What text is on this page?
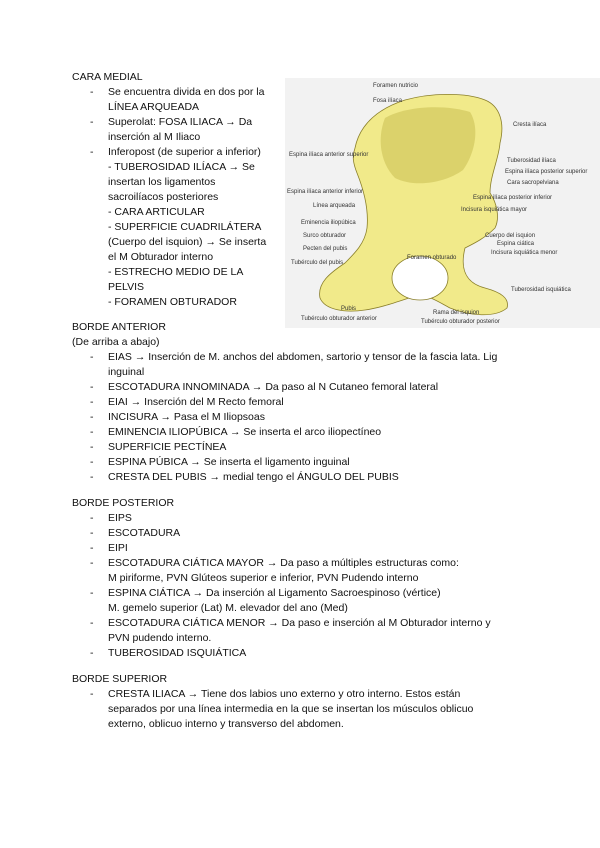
CARA MEDIAL
- Se encuentra divida en dos por la
LÍNEA ARQUEADA
- Superolat: FOSA ILIACA → Da
inserción al M Iliaco
- Inferopost (de superior a inferior)
- TUBEROSIDAD ILÍACA → Se
insertan los ligamentos
sacroilíacos posteriores
- CARA ARTICULAR
- SUPERFICIE CUADRILÁTERA
(Cuerpo del isquion) → Se inserta
el M Obturador interno
- ESTRECHO MEDIO DE LA
PELVIS
- FORAMEN OBTURADOR
Foramen nutricio
Fosa ilíaca
Cresta ilíaca
Espina ilíaca anterior superior
Tuberosidad ilíaca
Espina ilíaca posterior superior
Cara sacropelviana
Espina ilíaca anterior inferior
Espina ilíaca posterior inferior
Línea arqueada
Incisura isquiática mayor
Eminencia iliopúbica
Cuerpo del isquion
Espina ciática
Surco obturador
Incisura isquiática menor
Pecten del pubis
Foramen obturado
Tubérculo del pubis
Tuberosidad isquiática
Pubis
Tubérculo obturador anterior
Rama del isquion
Tubérculo obturador posterior
BORDE ANTERIOR
(De arriba a abajo)
- EIAS → Inserción de M. anchos del abdomen, sartorio y tensor de la fascia lata. Lig
inguinal
- ESCOTADURA INNOMINADA → Da paso al N Cutaneo femoral lateral
- EIAI → Inserción del M Recto femoral
- INCISURA → Pasa el M Iliopsoas
- EMINENCIA ILIOPÚBICA → Se inserta el arco iliopectíneo
- SUPERFICIE PECTÍNEA
- ESPINA PÚBICA → Se inserta el ligamento inguinal
- CRESTA DEL PUBIS → medial tengo el ÁNGULO DEL PUBIS
BORDE POSTERIOR
- EIPS
- ESCOTADURA
- EIPI
- ESCOTADURA CIÁTICA MAYOR → Da paso a múltiples estructuras como:
M piriforme, PVN Glúteos superior e inferior, PVN Pudendo interno
- ESPINA CIÁTICA → Da inserción al Ligamento Sacroespinoso (vértice)
M. gemelo superior (Lat) M. elevador del ano (Med)
- ESCOTADURA CIÁTICA MENOR → Da paso e inserción al M Obturador interno y
PVN pudendo interno.
- TUBEROSIDAD ISQUIÁTICA
BORDE SUPERIOR
- CRESTA ILIACA → Tiene dos labios uno externo y otro interno. Estos están
separados por una línea intermedia en la que se insertan los músculos oblicuo
externo, oblicuo interno y transverso del abdomen.
